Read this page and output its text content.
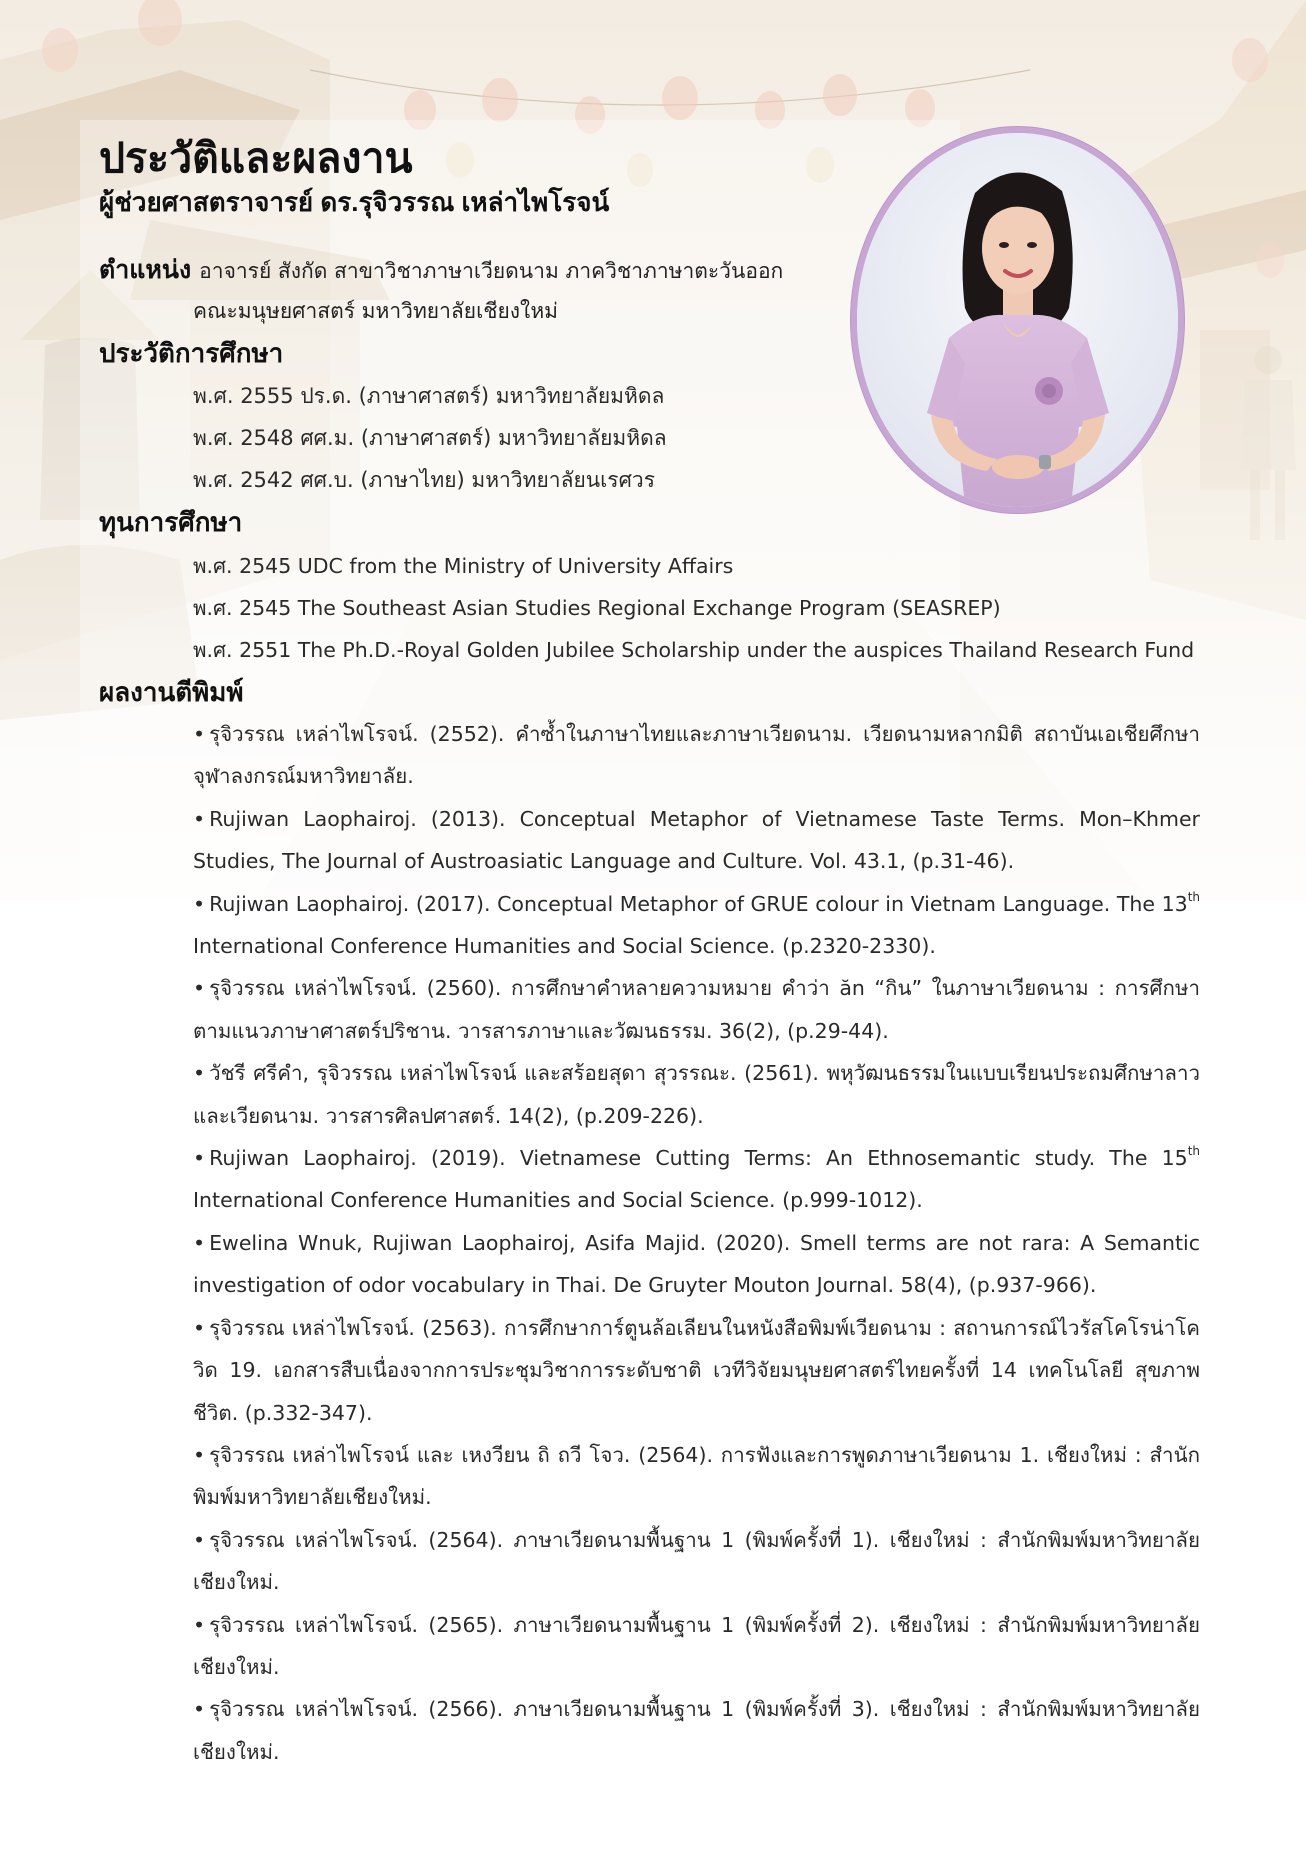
ประวัติและผลงาน
ผู้ช่วยศาสตราจารย์ ดร.รุจิวรรณ เหล่าไพโรจน์
ตำแหน่ง อาจารย์ สังกัด สาขาวิชาภาษาเวียดนาม ภาควิชาภาษาตะวันออก
คณะมนุษยศาสตร์ มหาวิทยาลัยเชียงใหม่
ประวัติการศึกษา
พ.ศ. 2555 ปร.ด. (ภาษาศาสตร์) มหาวิทยาลัยมหิดล
พ.ศ. 2548 ศศ.ม. (ภาษาศาสตร์) มหาวิทยาลัยมหิดล
พ.ศ. 2542 ศศ.บ. (ภาษาไทย) มหาวิทยาลัยนเรศวร
ทุนการศึกษา
พ.ศ. 2545 UDC from the Ministry of University Affairs
พ.ศ. 2545 The Southeast Asian Studies Regional Exchange Program (SEASREP)
พ.ศ. 2551 The Ph.D.-Royal Golden Jubilee Scholarship under the auspices Thailand Research Fund
ผลงานตีพิมพ์
• รุจิวรรณ เหล่าไพโรจน์. (2552). คำซ้ำในภาษาไทยและภาษาเวียดนาม. เวียดนามหลากมิติ สถาบันเอเชียศึกษา จุฬาลงกรณ์มหาวิทยาลัย.
• Rujiwan Laophairoj. (2013). Conceptual Metaphor of Vietnamese Taste Terms. Mon–Khmer Studies, The Journal of Austroasiatic Language and Culture. Vol. 43.1, (p.31-46).
• Rujiwan Laophairoj. (2017). Conceptual Metaphor of GRUE colour in Vietnam Language. The 13th International Conference Humanities and Social Science. (p.2320-2330).
• รุจิวรรณ เหล่าไพโรจน์. (2560). การศึกษาคำหลายความหมาย คำว่า ăn “กิน” ในภาษาเวียดนาม : การศึกษาตามแนวภาษาศาสตร์ปริชาน. วารสารภาษาและวัฒนธรรม. 36(2), (p.29-44).
• วัชรี ศรีคำ, รุจิวรรณ เหล่าไพโรจน์ และสร้อยสุดา สุวรรณะ. (2561). พหุวัฒนธรรมในแบบเรียนประถมศึกษาลาวและเวียดนาม. วารสารศิลปศาสตร์. 14(2), (p.209-226).
• Rujiwan Laophairoj. (2019). Vietnamese Cutting Terms: An Ethnosemantic study. The 15th International Conference Humanities and Social Science. (p.999-1012).
• Ewelina Wnuk, Rujiwan Laophairoj, Asifa Majid. (2020). Smell terms are not rara: A Semantic investigation of odor vocabulary in Thai. De Gruyter Mouton Journal. 58(4), (p.937-966).
• รุจิวรรณ เหล่าไพโรจน์. (2563). การศึกษาการ์ตูนล้อเลียนในหนังสือพิมพ์เวียดนาม : สถานการณ์ไวรัสโคโรน่าโควิด 19. เอกสารสืบเนื่องจากการประชุมวิชาการระดับชาติ เวทีวิจัยมนุษยศาสตร์ไทยครั้งที่ 14 เทคโนโลยี สุขภาพ ชีวิต. (p.332-347).
• รุจิวรรณ เหล่าไพโรจน์ และ เหงวียน ถิ ถวี โจว. (2564). การฟังและการพูดภาษาเวียดนาม 1. เชียงใหม่ : สำนักพิมพ์มหาวิทยาลัยเชียงใหม่.
• รุจิวรรณ เหล่าไพโรจน์. (2564). ภาษาเวียดนามพื้นฐาน 1 (พิมพ์ครั้งที่ 1). เชียงใหม่ : สำนักพิมพ์มหาวิทยาลัยเชียงใหม่.
• รุจิวรรณ เหล่าไพโรจน์. (2565). ภาษาเวียดนามพื้นฐาน 1 (พิมพ์ครั้งที่ 2). เชียงใหม่ : สำนักพิมพ์มหาวิทยาลัยเชียงใหม่.
• รุจิวรรณ เหล่าไพโรจน์. (2566). ภาษาเวียดนามพื้นฐาน 1 (พิมพ์ครั้งที่ 3). เชียงใหม่ : สำนักพิมพ์มหาวิทยาลัยเชียงใหม่.
